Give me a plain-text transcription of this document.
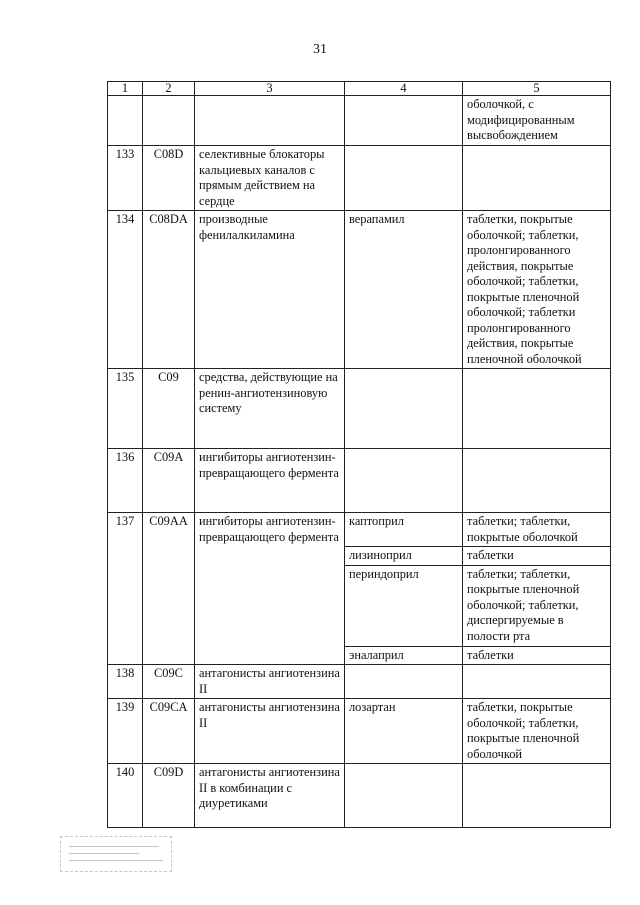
31
1	2	3	4	5
				оболочкой, с модифицированным высвобождением
133	C08D	селективные блокаторы кальциевых каналов с прямым действием на сердце		
134	C08DA	производные фенилалкиламина	верапамил	таблетки, покрытые оболочкой; таблетки, пролонгированного действия, покрытые оболочкой; таблетки, покрытые пленочной оболочкой; таблетки пролонгированного действия, покрытые пленочной оболочкой
135	C09	средства, действующие на ренин-ангиотензиновую систему		
136	C09A	ингибиторы ангиотензин-превращающего фермента		
137	C09AA	ингибиторы ангиотензин-превращающего фермента	каптоприл	таблетки; таблетки, покрытые оболочкой
			лизиноприл	таблетки
			периндоприл	таблетки; таблетки, покрытые пленочной оболочкой; таблетки, диспергируемые в полости рта
			эналаприл	таблетки
138	C09C	антагонисты ангиотензина II		
139	C09CA	антагонисты ангиотензина II	лозартан	таблетки, покрытые оболочкой; таблетки, покрытые пленочной оболочкой
140	C09D	антагонисты ангиотензина II в комбинации с диуретиками		
